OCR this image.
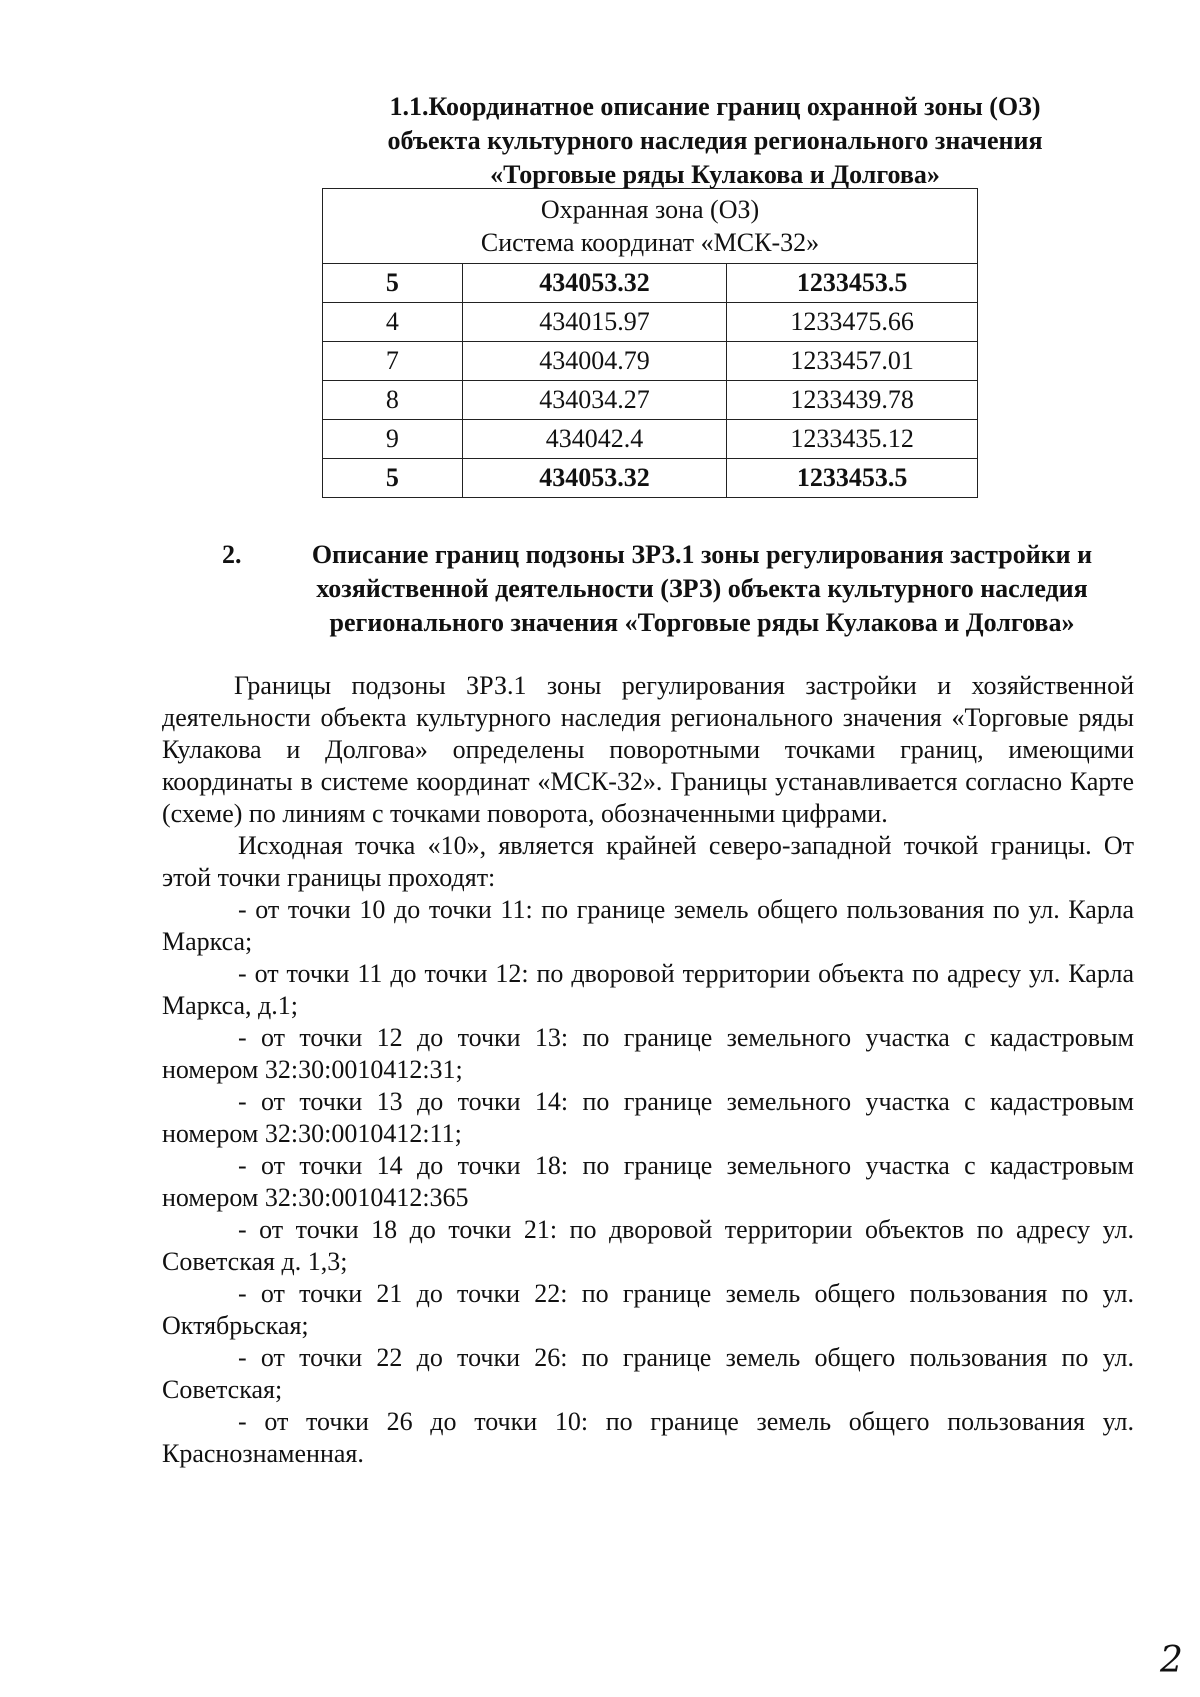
1.1.Координатное описание границ охранной зоны (ОЗ)
объекта культурного наследия регионального значения
«Торговые ряды Кулакова и Долгова»
Охранная зона (ОЗ)
Система координат «МСК-32»		

5	434053.32	1233453.5
4	434015.97	1233475.66
7	434004.79	1233457.01
8	434034.27	1233439.78
9	434042.4	1233435.12
5	434053.32	1233453.5
2.	Описание границ подзоны ЗРЗ.1 зоны регулирования застройки и
хозяйственной деятельности (ЗРЗ) объекта культурного наследия
регионального значения «Торговые ряды Кулакова и Долгова»

Границы подзоны ЗРЗ.1 зоны регулирования застройки и хозяйственной деятельности объекта культурного наследия регионального значения «Торговые ряды Кулакова и Долгова» определены поворотными точками границ, имеющими координаты в системе координат «МСК-32». Границы устанавливается согласно Карте (схеме) по линиям с точками поворота, обозначенными цифрами.

Исходная точка «10», является крайней северо-западной точкой границы. От этой точки границы проходят:

- от точки 10 до точки 11: по границе земель общего пользования по ул. Карла Маркса;

- от точки 11 до точки 12: по дворовой территории объекта по адресу ул. Карла Маркса, д.1;

- от точки 12 до точки 13: по границе земельного участка с кадастровым номером 32:30:0010412:31;

- от точки 13 до точки 14: по границе земельного участка с кадастровым номером 32:30:0010412:11;

- от точки 14 до точки 18: по границе земельного участка с кадастровым номером 32:30:0010412:365

- от точки 18 до точки 21: по дворовой территории объектов по адресу ул. Советская д. 1,3;

- от точки 21 до точки 22: по границе земель общего пользования по ул. Октябрьская;

- от точки 22 до точки 26: по границе земель общего пользования по ул. Советская;

- от точки 26 до точки 10: по границе земель общего пользования ул. Краснознаменная.

2
